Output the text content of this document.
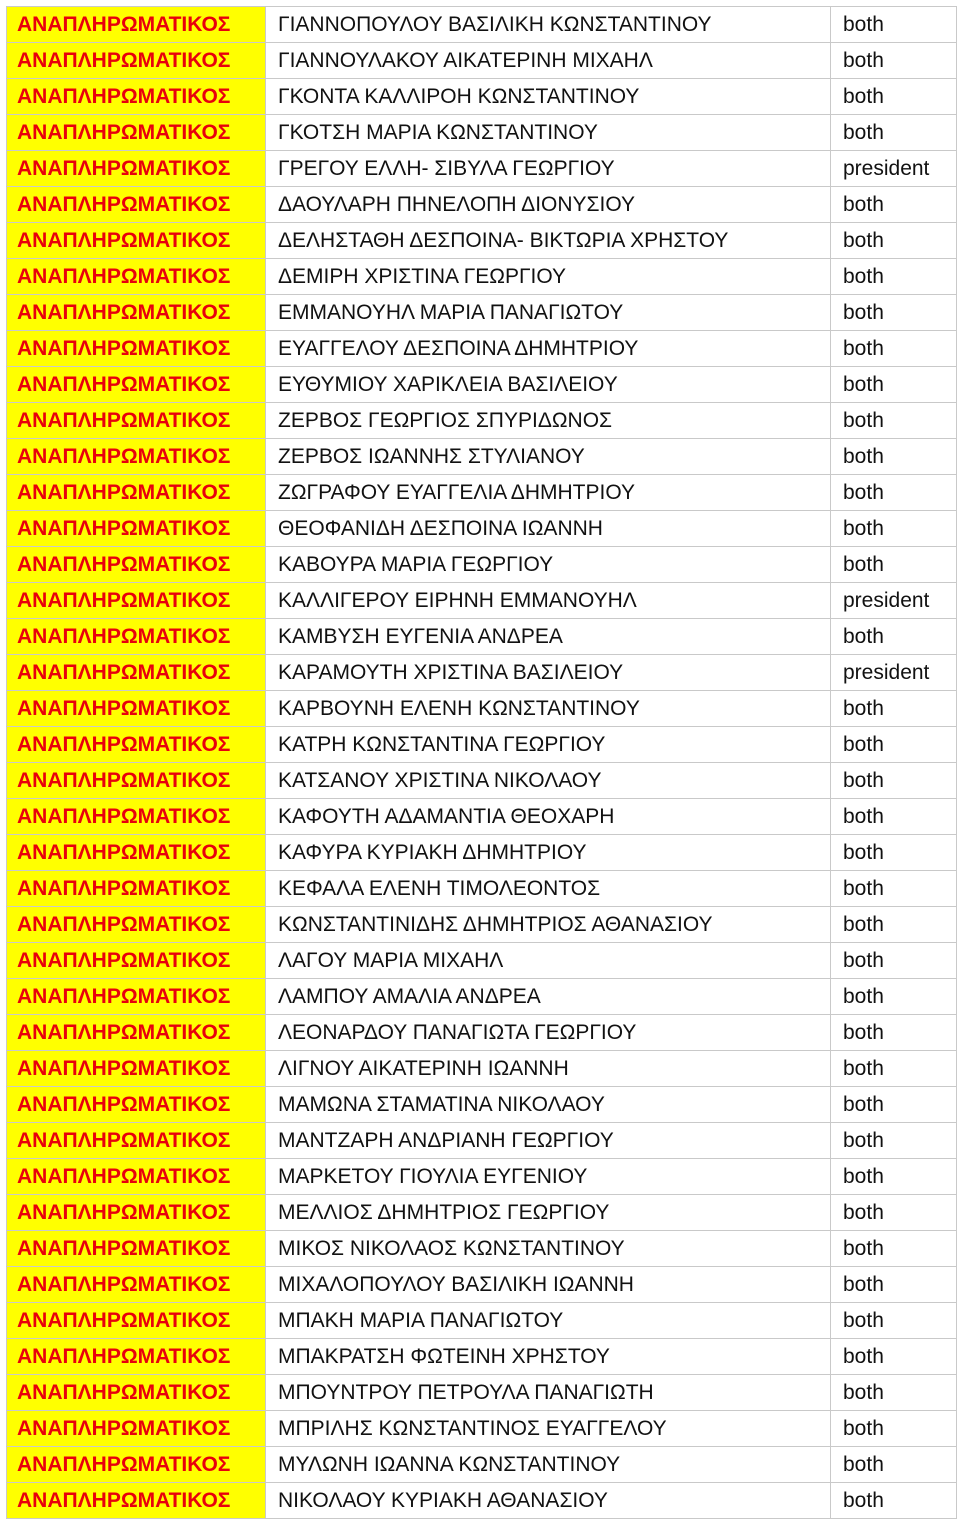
ΑΝΑΠΛΗΡΩΜΑΤΙΚΟΣ	ΓΙΑΝΝΟΠΟΥΛΟΥ ΒΑΣΙΛΙΚΗ ΚΩΝΣΤΑΝΤΙΝΟΥ	both
ΑΝΑΠΛΗΡΩΜΑΤΙΚΟΣ	ΓΙΑΝΝΟΥΛΑΚΟΥ ΑΙΚΑΤΕΡΙΝΗ ΜΙΧΑΗΛ	both
ΑΝΑΠΛΗΡΩΜΑΤΙΚΟΣ	ΓΚΟΝΤΑ ΚΑΛΛΙΡΟΗ ΚΩΝΣΤΑΝΤΙΝΟΥ	both
ΑΝΑΠΛΗΡΩΜΑΤΙΚΟΣ	ΓΚΟΤΣΗ ΜΑΡΙΑ ΚΩΝΣΤΑΝΤΙΝΟΥ	both
ΑΝΑΠΛΗΡΩΜΑΤΙΚΟΣ	ΓΡΕΓΟΥ ΕΛΛΗ- ΣΙΒΥΛΑ ΓΕΩΡΓΙΟΥ	president
ΑΝΑΠΛΗΡΩΜΑΤΙΚΟΣ	ΔΑΟΥΛΑΡΗ ΠΗΝΕΛΟΠΗ ΔΙΟΝΥΣΙΟΥ	both
ΑΝΑΠΛΗΡΩΜΑΤΙΚΟΣ	ΔΕΛΗΣΤΑΘΗ ΔΕΣΠΟΙΝΑ- ΒΙΚΤΩΡΙΑ ΧΡΗΣΤΟΥ	both
ΑΝΑΠΛΗΡΩΜΑΤΙΚΟΣ	ΔΕΜΙΡΗ ΧΡΙΣΤΙΝΑ ΓΕΩΡΓΙΟΥ	both
ΑΝΑΠΛΗΡΩΜΑΤΙΚΟΣ	ΕΜΜΑΝΟΥΗΛ ΜΑΡΙΑ ΠΑΝΑΓΙΩΤΟΥ	both
ΑΝΑΠΛΗΡΩΜΑΤΙΚΟΣ	ΕΥΑΓΓΕΛΟΥ ΔΕΣΠΟΙΝΑ ΔΗΜΗΤΡΙΟΥ	both
ΑΝΑΠΛΗΡΩΜΑΤΙΚΟΣ	ΕΥΘΥΜΙΟΥ ΧΑΡΙΚΛΕΙΑ ΒΑΣΙΛΕΙΟΥ	both
ΑΝΑΠΛΗΡΩΜΑΤΙΚΟΣ	ΖΕΡΒΟΣ ΓΕΩΡΓΙΟΣ ΣΠΥΡΙΔΩΝΟΣ	both
ΑΝΑΠΛΗΡΩΜΑΤΙΚΟΣ	ΖΕΡΒΟΣ ΙΩΑΝΝΗΣ ΣΤΥΛΙΑΝΟΥ	both
ΑΝΑΠΛΗΡΩΜΑΤΙΚΟΣ	ΖΩΓΡΑΦΟΥ ΕΥΑΓΓΕΛΙΑ ΔΗΜΗΤΡΙΟΥ	both
ΑΝΑΠΛΗΡΩΜΑΤΙΚΟΣ	ΘΕΟΦΑΝΙΔΗ ΔΕΣΠΟΙΝΑ ΙΩΑΝΝΗ	both
ΑΝΑΠΛΗΡΩΜΑΤΙΚΟΣ	ΚΑΒΟΥΡΑ ΜΑΡΙΑ ΓΕΩΡΓΙΟΥ	both
ΑΝΑΠΛΗΡΩΜΑΤΙΚΟΣ	ΚΑΛΛΙΓΕΡΟΥ ΕΙΡΗΝΗ ΕΜΜΑΝΟΥΗΛ	president
ΑΝΑΠΛΗΡΩΜΑΤΙΚΟΣ	ΚΑΜΒΥΣΗ ΕΥΓΕΝΙΑ ΑΝΔΡΕΑ	both
ΑΝΑΠΛΗΡΩΜΑΤΙΚΟΣ	ΚΑΡΑΜΟΥΤΗ ΧΡΙΣΤΙΝΑ ΒΑΣΙΛΕΙΟΥ	president
ΑΝΑΠΛΗΡΩΜΑΤΙΚΟΣ	ΚΑΡΒΟΥΝΗ ΕΛΕΝΗ ΚΩΝΣΤΑΝΤΙΝΟΥ	both
ΑΝΑΠΛΗΡΩΜΑΤΙΚΟΣ	ΚΑΤΡΗ ΚΩΝΣΤΑΝΤΙΝΑ ΓΕΩΡΓΙΟΥ	both
ΑΝΑΠΛΗΡΩΜΑΤΙΚΟΣ	ΚΑΤΣΑΝΟΥ ΧΡΙΣΤΙΝΑ ΝΙΚΟΛΑΟΥ	both
ΑΝΑΠΛΗΡΩΜΑΤΙΚΟΣ	ΚΑΦΟΥΤΗ ΑΔΑΜΑΝΤΙΑ ΘΕΟΧΑΡΗ	both
ΑΝΑΠΛΗΡΩΜΑΤΙΚΟΣ	ΚΑΦΥΡΑ ΚΥΡΙΑΚΗ ΔΗΜΗΤΡΙΟΥ	both
ΑΝΑΠΛΗΡΩΜΑΤΙΚΟΣ	ΚΕΦΑΛΑ ΕΛΕΝΗ ΤΙΜΟΛΕΟΝΤΟΣ	both
ΑΝΑΠΛΗΡΩΜΑΤΙΚΟΣ	ΚΩΝΣΤΑΝΤΙΝΙΔΗΣ ΔΗΜΗΤΡΙΟΣ ΑΘΑΝΑΣΙΟΥ	both
ΑΝΑΠΛΗΡΩΜΑΤΙΚΟΣ	ΛΑΓΟΥ ΜΑΡΙΑ ΜΙΧΑΗΛ	both
ΑΝΑΠΛΗΡΩΜΑΤΙΚΟΣ	ΛΑΜΠΟΥ ΑΜΑΛΙΑ ΑΝΔΡΕΑ	both
ΑΝΑΠΛΗΡΩΜΑΤΙΚΟΣ	ΛΕΟΝΑΡΔΟΥ ΠΑΝΑΓΙΩΤΑ ΓΕΩΡΓΙΟΥ	both
ΑΝΑΠΛΗΡΩΜΑΤΙΚΟΣ	ΛΙΓΝΟΥ ΑΙΚΑΤΕΡΙΝΗ ΙΩΑΝΝΗ	both
ΑΝΑΠΛΗΡΩΜΑΤΙΚΟΣ	ΜΑΜΩΝΑ ΣΤΑΜΑΤΙΝΑ ΝΙΚΟΛΑΟΥ	both
ΑΝΑΠΛΗΡΩΜΑΤΙΚΟΣ	ΜΑΝΤΖΑΡΗ ΑΝΔΡΙΑΝΗ ΓΕΩΡΓΙΟΥ	both
ΑΝΑΠΛΗΡΩΜΑΤΙΚΟΣ	ΜΑΡΚΕΤΟΥ ΓΙΟΥΛΙΑ ΕΥΓΕΝΙΟΥ	both
ΑΝΑΠΛΗΡΩΜΑΤΙΚΟΣ	ΜΕΛΛΙΟΣ ΔΗΜΗΤΡΙΟΣ ΓΕΩΡΓΙΟΥ	both
ΑΝΑΠΛΗΡΩΜΑΤΙΚΟΣ	ΜΙΚΟΣ ΝΙΚΟΛΑΟΣ ΚΩΝΣΤΑΝΤΙΝΟΥ	both
ΑΝΑΠΛΗΡΩΜΑΤΙΚΟΣ	ΜΙΧΑΛΟΠΟΥΛΟΥ ΒΑΣΙΛΙΚΗ ΙΩΑΝΝΗ	both
ΑΝΑΠΛΗΡΩΜΑΤΙΚΟΣ	ΜΠΑΚΗ ΜΑΡΙΑ ΠΑΝΑΓΙΩΤΟΥ	both
ΑΝΑΠΛΗΡΩΜΑΤΙΚΟΣ	ΜΠΑΚΡΑΤΣΗ ΦΩΤΕΙΝΗ ΧΡΗΣΤΟΥ	both
ΑΝΑΠΛΗΡΩΜΑΤΙΚΟΣ	ΜΠΟΥΝΤΡΟΥ ΠΕΤΡΟΥΛΑ ΠΑΝΑΓΙΩΤΗ	both
ΑΝΑΠΛΗΡΩΜΑΤΙΚΟΣ	ΜΠΡΙΛΗΣ ΚΩΝΣΤΑΝΤΙΝΟΣ ΕΥΑΓΓΕΛΟΥ	both
ΑΝΑΠΛΗΡΩΜΑΤΙΚΟΣ	ΜΥΛΩΝΗ ΙΩΑΝΝΑ ΚΩΝΣΤΑΝΤΙΝΟΥ	both
ΑΝΑΠΛΗΡΩΜΑΤΙΚΟΣ	ΝΙΚΟΛΑΟΥ ΚΥΡΙΑΚΗ ΑΘΑΝΑΣΙΟΥ	both
